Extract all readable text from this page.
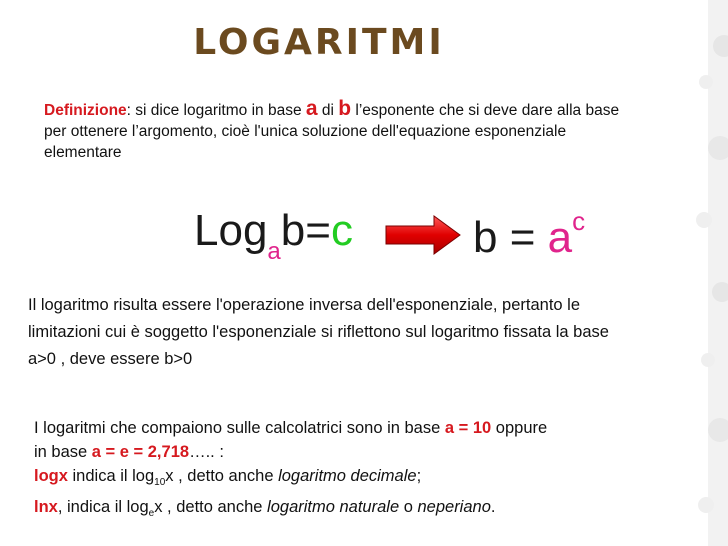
LOGARITMI
Definizione: si dice logaritmo in base a di b l’esponente che si deve dare alla base per ottenere l’argomento, cioè l'unica soluzione dell'equazione esponenziale elementare
Log$_a$b=c	$b = a^c$
Il logaritmo risulta essere l'operazione inversa dell'esponenziale, pertanto le limitazioni cui è soggetto l'esponenziale si riflettono sul logaritmo fissata la base a>0 , deve essere b>0
I logaritmi che compaiono sulle calcolatrici sono in base a = 10 oppure
in base a = e = 2,718….. :
logx indica il $\log_{10}x$ , detto anche logaritmo decimale;
lnx, indica il $\log_ex$ , detto anche logaritmo naturale o neperiano.
